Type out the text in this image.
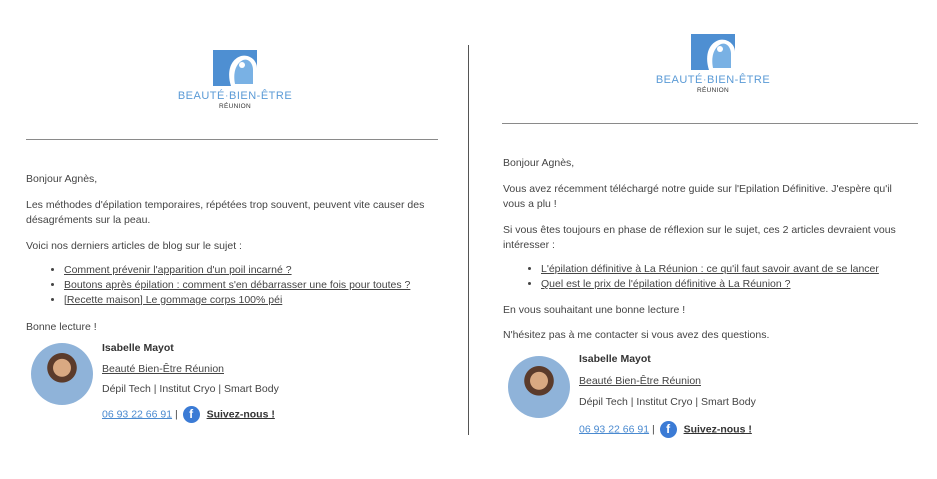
BEAUTÉ·BIEN-ÊTRE
RÉUNION

Bonjour Agnès,

Les méthodes d'épilation temporaires, répétées trop souvent, peuvent vite causer des désagréments sur la peau.

Voici nos derniers articles de blog sur le sujet :

• Comment prévenir l'apparition d'un poil incarné ?
• Boutons après épilation : comment s'en débarrasser une fois pour toutes ?
• [Recette maison] Le gommage corps 100% péi

Bonne lecture !

Isabelle Mayot
Beauté Bien-Être Réunion
Dépil Tech | Institut Cryo | Smart Body
06 93 22 66 91 | f Suivez-nous !
BEAUTÉ·BIEN-ÊTRE
RÉUNION

Bonjour Agnès,

Vous avez récemment téléchargé notre guide sur l'Epilation Définitive. J'espère qu'il vous a plu !

Si vous êtes toujours en phase de réflexion sur le sujet, ces 2 articles devraient vous intéresser :

• L'épilation définitive à La Réunion : ce qu'il faut savoir avant de se lancer
• Quel est le prix de l'épilation définitive à La Réunion ?

En vous souhaitant une bonne lecture !

N'hésitez pas à me contacter si vous avez des questions.

Isabelle Mayot
Beauté Bien-Être Réunion
Dépil Tech | Institut Cryo | Smart Body
06 93 22 66 91 | f Suivez-nous !
